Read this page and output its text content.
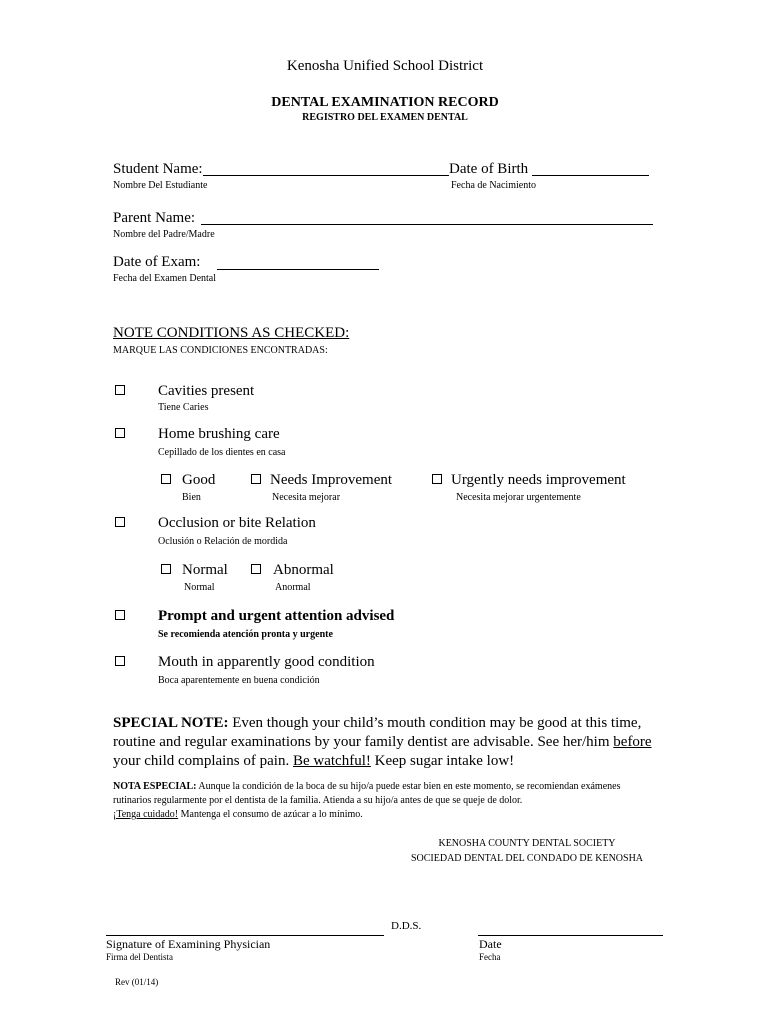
Kenosha Unified School District
DENTAL EXAMINATION RECORD
REGISTRO DEL EXAMEN DENTAL
Student Name:	Date of Birth
Nombre Del Estudiante	Fecha de Nacimiento
Parent Name:
Nombre del Padre/Madre
Date of Exam:
Fecha del Examen Dental
NOTE CONDITIONS AS CHECKED:
MARQUE LAS CONDICIONES ENCONTRADAS:
Cavities present
Tiene Caries
Home brushing care
Cepillado de los dientes en casa
Good
Bien
Needs Improvement
Necesita mejorar
Urgently needs improvement
Necesita mejorar urgentemente
Occlusion or bite Relation
Oclusión o Relación de mordida
Normal
Normal
Abnormal
Anormal
Prompt and urgent attention advised
Se recomienda atención pronta y urgente
Mouth in apparently good condition
Boca aparentemente en buena condición
SPECIAL NOTE: Even though your child’s mouth condition may be good at this time, routine and regular examinations by your family dentist are advisable. See her/him before your child complains of pain. Be watchful! Keep sugar intake low!
NOTA ESPECIAL: Aunque la condición de la boca de su hijo/a puede estar bien en este momento, se recomiendan exámenes rutinarios regularmente por el dentista de la familia. Atienda a su hijo/a antes de que se queje de dolor.
¡Tenga cuidado! Mantenga el consumo de azúcar a lo mínimo.
KENOSHA COUNTY DENTAL SOCIETY
SOCIEDAD DENTAL DEL CONDADO DE KENOSHA
D.D.S.
Signature of Examining Physician
Firma del Dentista
Date
Fecha
Rev (01/14)
